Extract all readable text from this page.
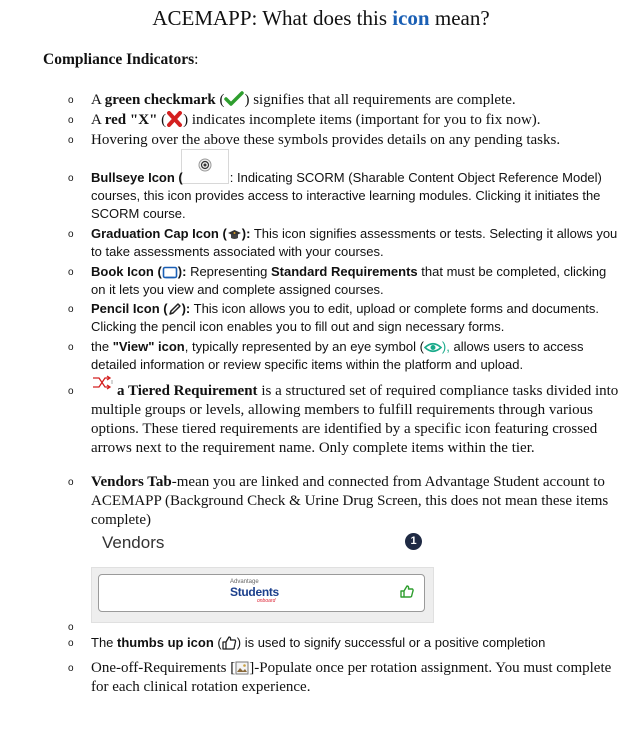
ACEMAPP: What does this icon mean?
Compliance Indicators:
o A green checkmark ( ) signifies that all requirements are complete.
o A red "X" ( ) indicates incomplete items (important for you to fix now).
o Hovering over the above these symbols provides details on any pending tasks.
o Bullseye Icon (	: Indicating SCORM (Sharable Content Object Reference Model) courses, this icon provides access to interactive learning modules. Clicking it initiates the SCORM course.
o Graduation Cap Icon ( ): This icon signifies assessments or tests. Selecting it allows you to take assessments associated with your courses.
o Book Icon ( ): Representing Standard Requirements that must be completed, clicking on it lets you view and complete assigned courses.
o Pencil Icon ( ): This icon allows you to edit, upload or complete forms and documents. Clicking the pencil icon enables you to fill out and sign necessary forms.
o the "View" icon, typically represented by an eye symbol ( ), allows users to access detailed information or review specific items within the platform and upload.
o	a Tiered Requirement is a structured set of required compliance tasks divided into multiple groups or levels, allowing members to fulfill requirements through various options. These tiered requirements are identified by a specific icon featuring crossed arrows next to the requirement name. Only complete items within the tier.
o Vendors Tab-mean you are linked and connected from Advantage Student account to ACEMAPP (Background Check & Urine Drug Screen, this does not mean these items complete)
Vendors	1
Advantage
Students
onboard
o
o The thumbs up icon ( ) is used to signify successful or a positive completion
o One-off-Requirements [ ]-Populate once per rotation assignment. You must complete for each clinical rotation experience.
